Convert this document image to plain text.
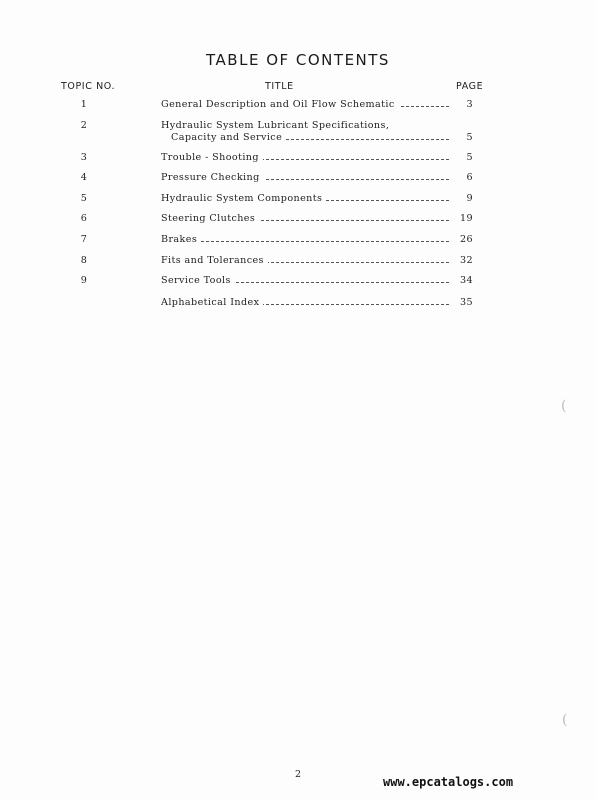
TABLE OF CONTENTS
TOPIC NO.	TITLE	PAGE
1	General Description and Oil Flow Schematic	3
2	Hydraulic System Lubricant Specifications,
Capacity and Service	5
3	Trouble - Shooting	5
4	Pressure Checking	6
5	Hydraulic System Components	9
6	Steering Clutches	19
7	Brakes	26
8	Fits and Tolerances	32
9	Service Tools	34
Alphabetical Index	35
(
(
2
www.epcatalogs.com
